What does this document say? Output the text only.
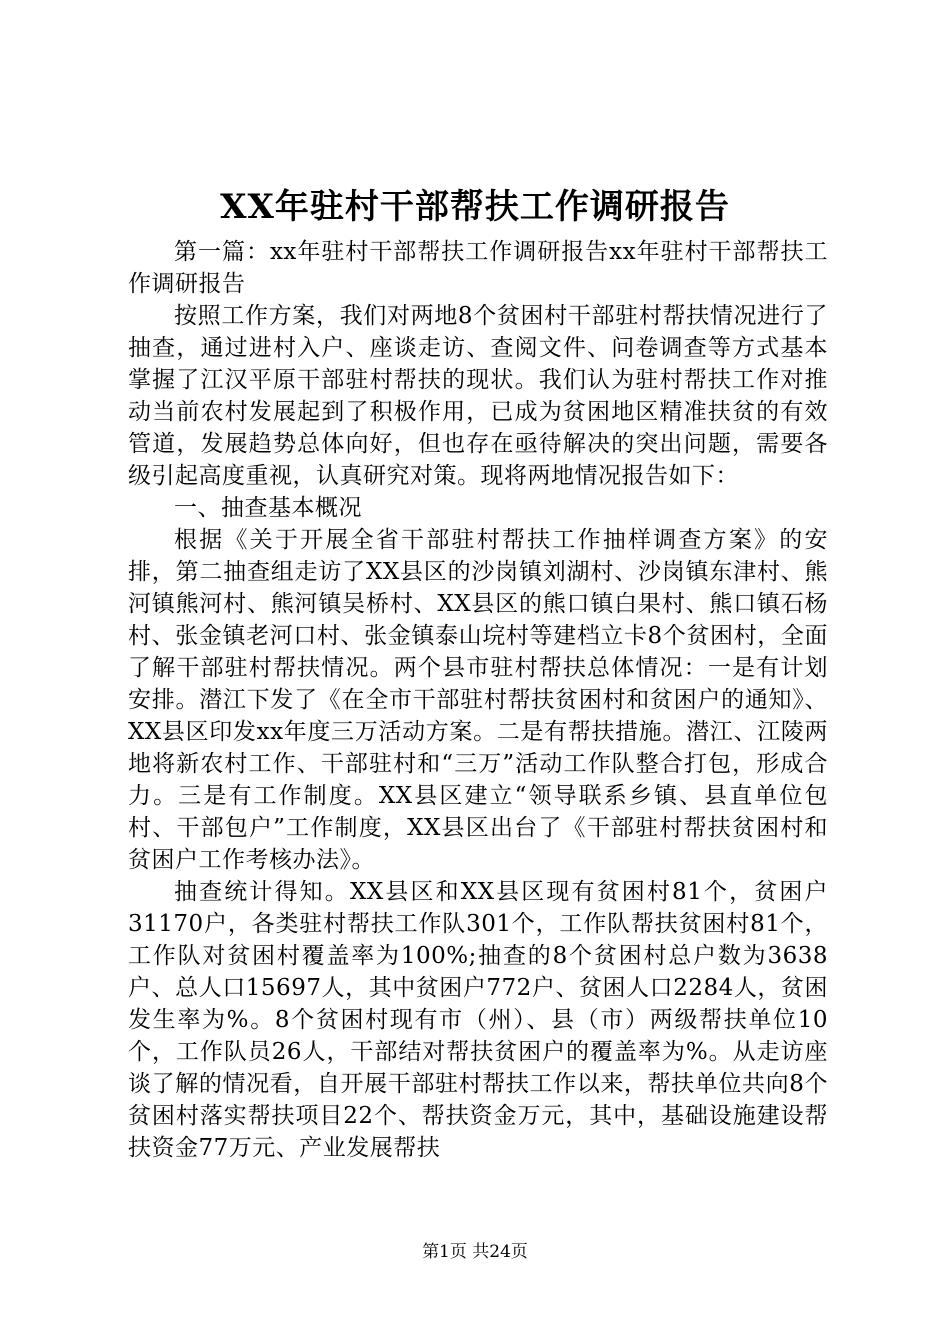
XX年驻村干部帮扶工作调研报告

第一篇：xx年驻村干部帮扶工作调研报告xx年驻村干部帮扶工作调研报告

按照工作方案，我们对两地8个贫困村干部驻村帮扶情况进行了抽查，通过进村入户、座谈走访、查阅文件、问卷调查等方式基本掌握了江汉平原干部驻村帮扶的现状。我们认为驻村帮扶工作对推动当前农村发展起到了积极作用，已成为贫困地区精准扶贫的有效管道，发展趋势总体向好，但也存在亟待解决的突出问题，需要各级引起高度重视，认真研究对策。现将两地情况报告如下：

一、抽查基本概况

根据《关于开展全省干部驻村帮扶工作抽样调查方案》的安排，第二抽查组走访了XX县区的沙岗镇刘湖村、沙岗镇东津村、熊河镇熊河村、熊河镇吴桥村、XX县区的熊口镇白果村、熊口镇石杨村、张金镇老河口村、张金镇泰山垸村等建档立卡8个贫困村，全面了解干部驻村帮扶情况。两个县市驻村帮扶总体情况：一是有计划安排。潜江下发了《在全市干部驻村帮扶贫困村和贫困户的通知》、XX县区印发xx年度三万活动方案。二是有帮扶措施。潜江、江陵两地将新农村工作、干部驻村和“三万”活动工作队整合打包，形成合力。三是有工作制度。XX县区建立“领导联系乡镇、县直单位包村、干部包户”工作制度，XX县区出台了《干部驻村帮扶贫困村和贫困户工作考核办法》。

抽查统计得知。XX县区和XX县区现有贫困村81个，贫困户31170户，各类驻村帮扶工作队301个，工作队帮扶贫困村81个，工作队对贫困村覆盖率为100%;抽查的8个贫困村总户数为3638户、总人口15697人，其中贫困户772户、贫困人口2284人，贫困发生率为%。8个贫困村现有市（州）、县（市）两级帮扶单位10个，工作队员26人，干部结对帮扶贫困户的覆盖率为%。从走访座谈了解的情况看，自开展干部驻村帮扶工作以来，帮扶单位共向8个贫困村落实帮扶项目22个、帮扶资金万元，其中，基础设施建设帮扶资金77万元、产业发展帮扶

第1页 共24页
